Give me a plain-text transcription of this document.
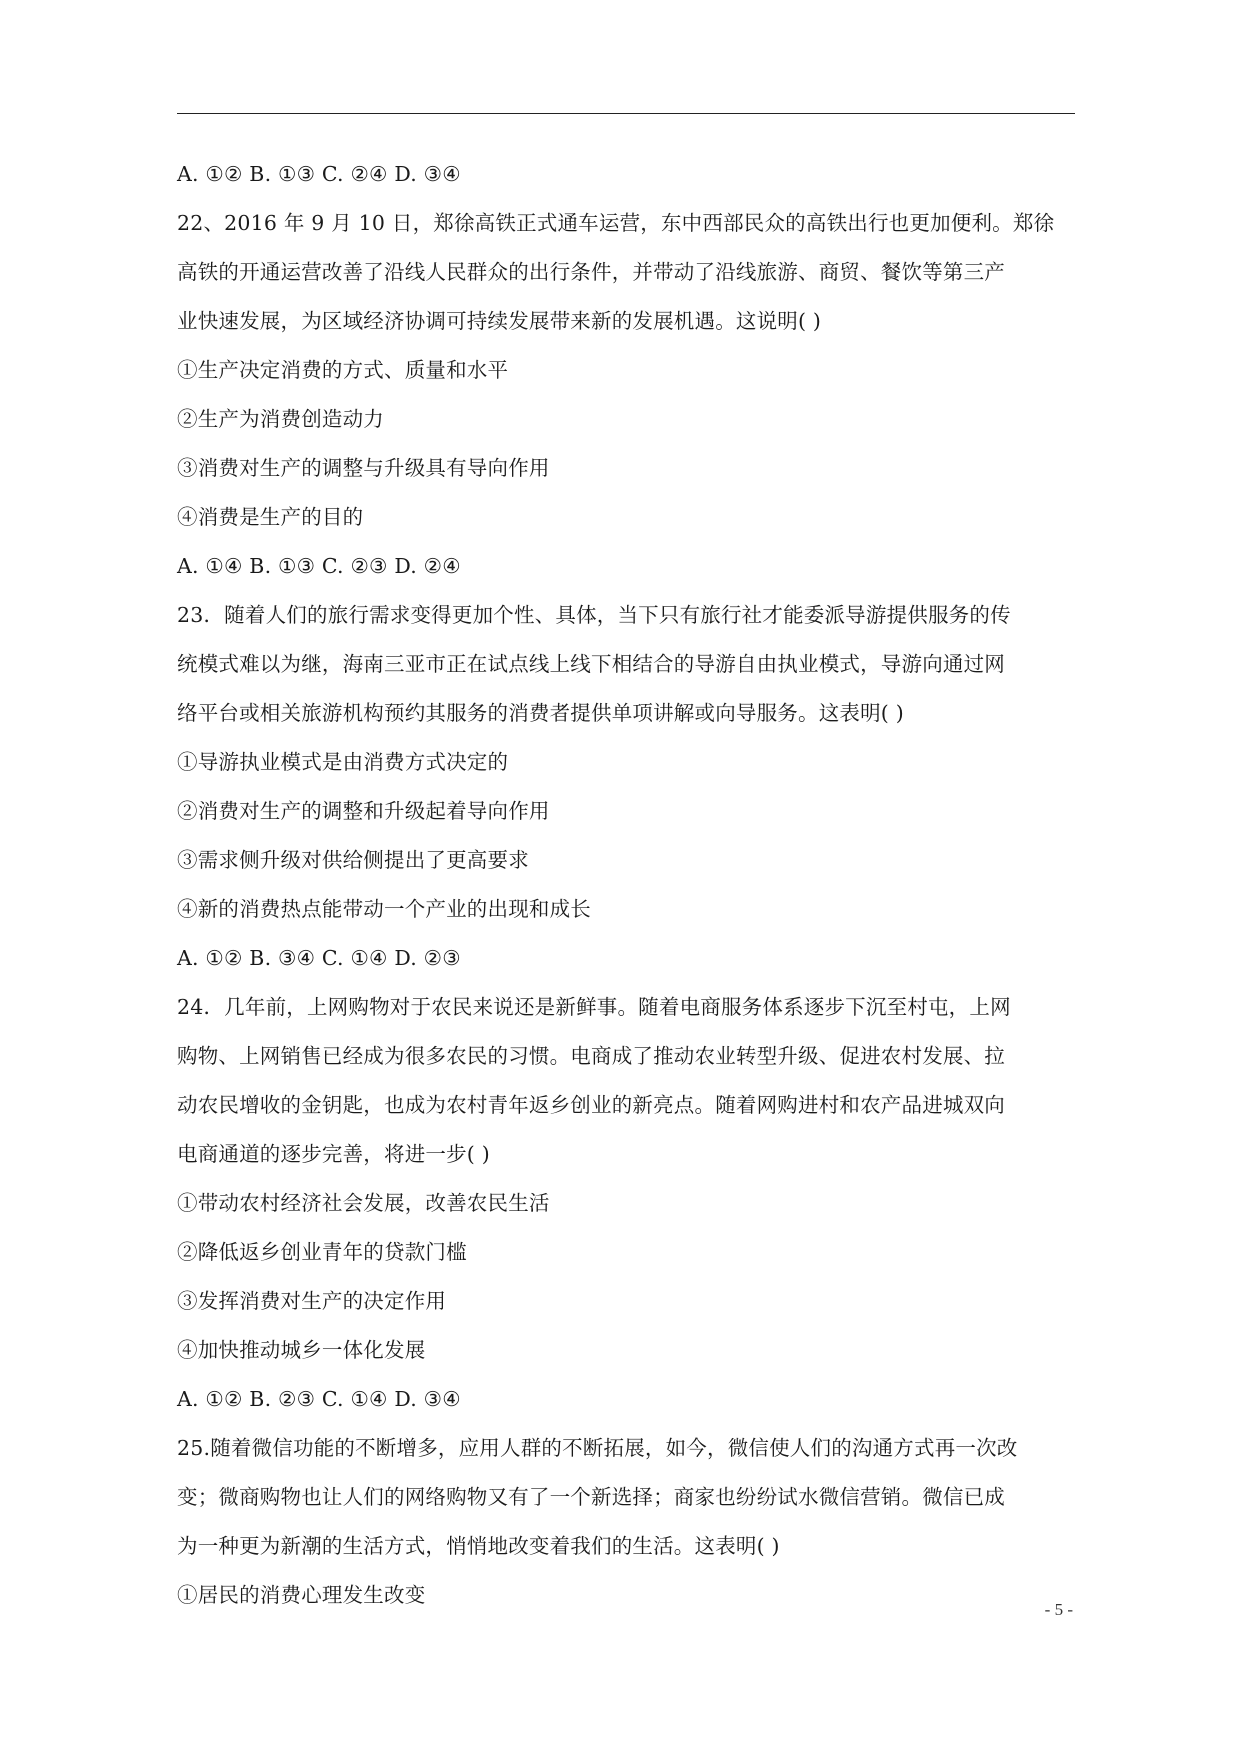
A. ①② B. ①③ C. ②④ D. ③④
22、2016 年 9 月 10 日，郑徐高铁正式通车运营，东中西部民众的高铁出行也更加便利。郑徐
高铁的开通运营改善了沿线人民群众的出行条件，并带动了沿线旅游、商贸、餐饮等第三产
业快速发展，为区域经济协调可持续发展带来新的发展机遇。这说明( )
①生产决定消费的方式、质量和水平
②生产为消费创造动力
③消费对生产的调整与升级具有导向作用
④消费是生产的目的
A. ①④ B. ①③ C. ②③ D. ②④
23．随着人们的旅行需求变得更加个性、具体，当下只有旅行社才能委派导游提供服务的传
统模式难以为继，海南三亚市正在试点线上线下相结合的导游自由执业模式，导游向通过网
络平台或相关旅游机构预约其服务的消费者提供单项讲解或向导服务。这表明( )
①导游执业模式是由消费方式决定的
②消费对生产的调整和升级起着导向作用
③需求侧升级对供给侧提出了更高要求
④新的消费热点能带动一个产业的出现和成长
A. ①② B. ③④ C. ①④ D. ②③
24．几年前，上网购物对于农民来说还是新鲜事。随着电商服务体系逐步下沉至村屯，上网
购物、上网销售已经成为很多农民的习惯。电商成了推动农业转型升级、促进农村发展、拉
动农民增收的金钥匙，也成为农村青年返乡创业的新亮点。随着网购进村和农产品进城双向
电商通道的逐步完善，将进一步( )
①带动农村经济社会发展，改善农民生活
②降低返乡创业青年的贷款门槛
③发挥消费对生产的决定作用
④加快推动城乡一体化发展
A. ①② B. ②③ C. ①④ D. ③④
25.随着微信功能的不断增多，应用人群的不断拓展，如今，微信使人们的沟通方式再一次改
变；微商购物也让人们的网络购物又有了一个新选择；商家也纷纷试水微信营销。微信已成
为一种更为新潮的生活方式，悄悄地改变着我们的生活。这表明( )
①居民的消费心理发生改变
- 5 -
